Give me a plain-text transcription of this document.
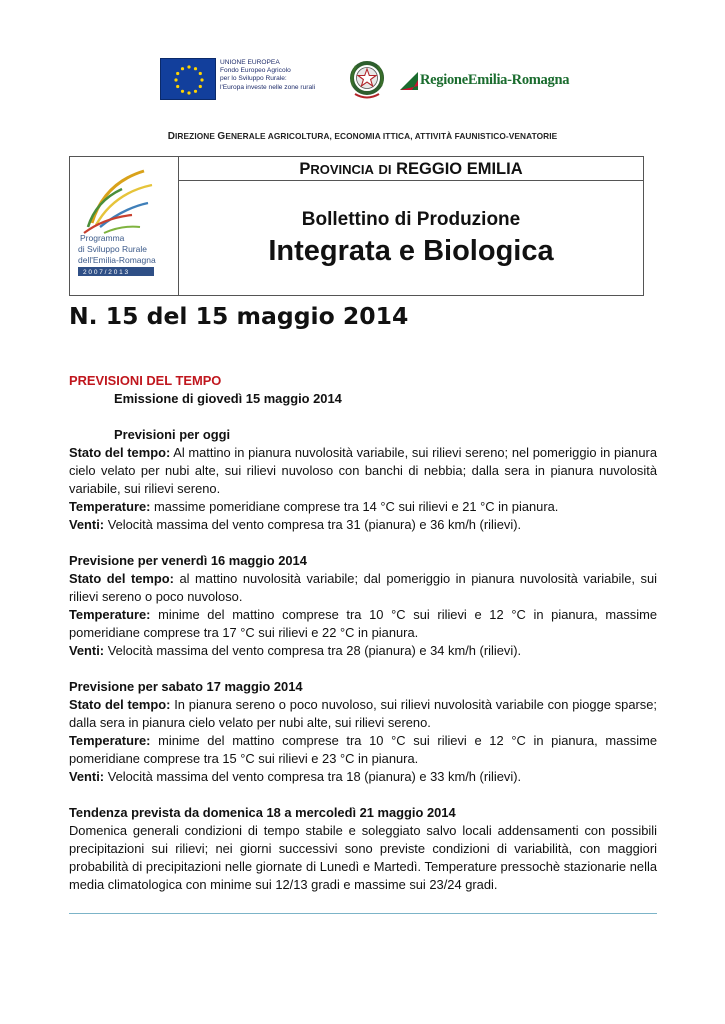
UNIONE EUROPEA
Fondo Europeo Agricolo
per lo Sviluppo Rurale:
l'Europa investe nelle zone rurali	RegioneEmilia-Romagna
DIREZIONE GENERALE AGRICOLTURA, ECONOMIA ITTICA, ATTIVITÀ FAUNISTICO-VENATORIE
Programma
di Sviluppo Rurale
dell'Emilia-Romagna
2 0 0 7 / 2 0 1 3
PROVINCIA DI REGGIO EMILIA
Bollettino di Produzione
Integrata e Biologica
N. 15 del 15 maggio 2014
PREVISIONI DEL TEMPO
Emissione di giovedì 15 maggio 2014
Previsioni per oggi
Stato del tempo: Al mattino in pianura nuvolosità variabile, sui rilievi sereno; nel pomeriggio in pianura cielo velato per nubi alte, sui rilievi nuvoloso con banchi di nebbia; dalla sera in pianura nuvolosità variabile, sui rilievi sereno.
Temperature: massime pomeridiane comprese tra 14 °C sui rilievi e 21 °C in pianura.
Venti: Velocità massima del vento compresa tra 31 (pianura) e 36 km/h (rilievi).
Previsione per venerdì 16 maggio 2014
Stato del tempo: al mattino nuvolosità variabile; dal pomeriggio in pianura nuvolosità variabile, sui rilievi sereno o poco nuvoloso.
Temperature: minime del mattino comprese tra 10 °C sui rilievi e 12 °C in pianura, massime pomeridiane comprese tra 17 °C sui rilievi e 22 °C in pianura.
Venti: Velocità massima del vento compresa tra 28 (pianura) e 34 km/h (rilievi).
Previsione per sabato 17 maggio 2014
Stato del tempo: In pianura sereno o poco nuvoloso, sui rilievi nuvolosità variabile con piogge sparse; dalla sera in pianura cielo velato per nubi alte, sui rilievi sereno.
Temperature: minime del mattino comprese tra 10 °C sui rilievi e 12 °C in pianura, massime pomeridiane comprese tra 15 °C sui rilievi e 23 °C in pianura.
Venti: Velocità massima del vento compresa tra 18 (pianura) e 33 km/h (rilievi).
Tendenza prevista da domenica 18 a mercoledì 21 maggio 2014
Domenica generali condizioni di tempo stabile e soleggiato salvo locali addensamenti con possibili precipitazioni sui rilievi; nei giorni successivi sono previste condizioni di variabilità, con maggiori probabilità di precipitazioni nelle giornate di Lunedì e Martedì. Temperature pressochè stazionarie nella media climatologica con minime sui 12/13 gradi e massime sui 23/24 gradi.
